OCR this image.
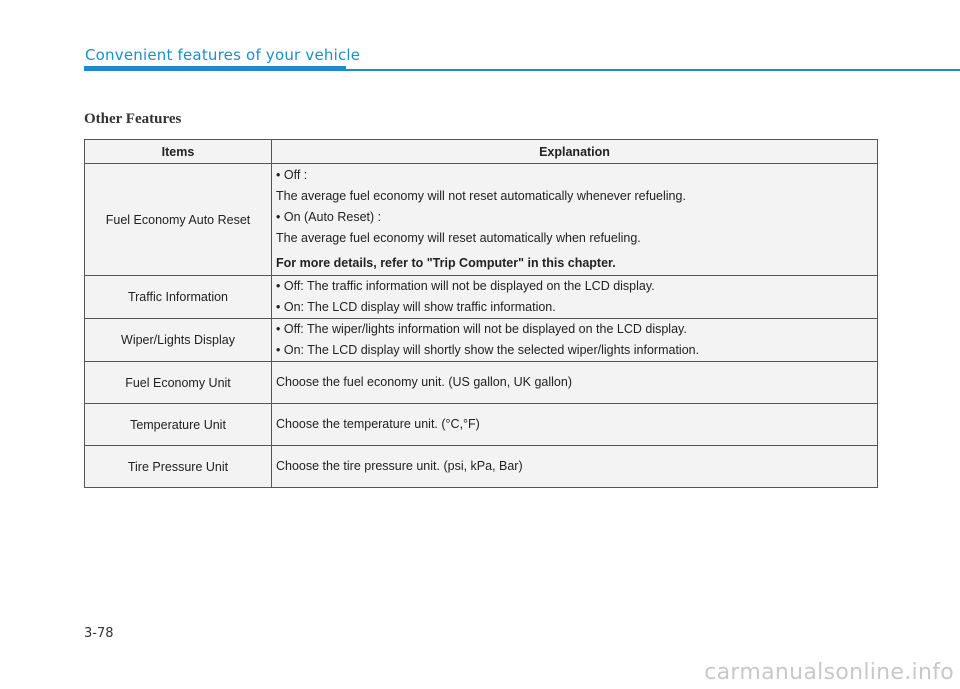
Convenient features of your vehicle
Other Features
Items	Explanation
Fuel Economy Auto Reset	• Off :
The average fuel economy will not reset automatically whenever refueling.
• On (Auto Reset) :
The average fuel economy will reset automatically when refueling.
For more details, refer to "Trip Computer" in this chapter.

Traffic Information	• Off: The traffic information will not be displayed on the LCD display.
• On: The LCD display will show traffic information.

Wiper/Lights Display	• Off: The wiper/lights information will not be displayed on the LCD display.
• On: The LCD display will shortly show the selected wiper/lights information.

Fuel Economy Unit	Choose the fuel economy unit. (US gallon, UK gallon)

Temperature Unit	Choose the temperature unit. (°C,°F)

Tire Pressure Unit	Choose the tire pressure unit. (psi, kPa, Bar)
3-78
carmanualsonline.info
